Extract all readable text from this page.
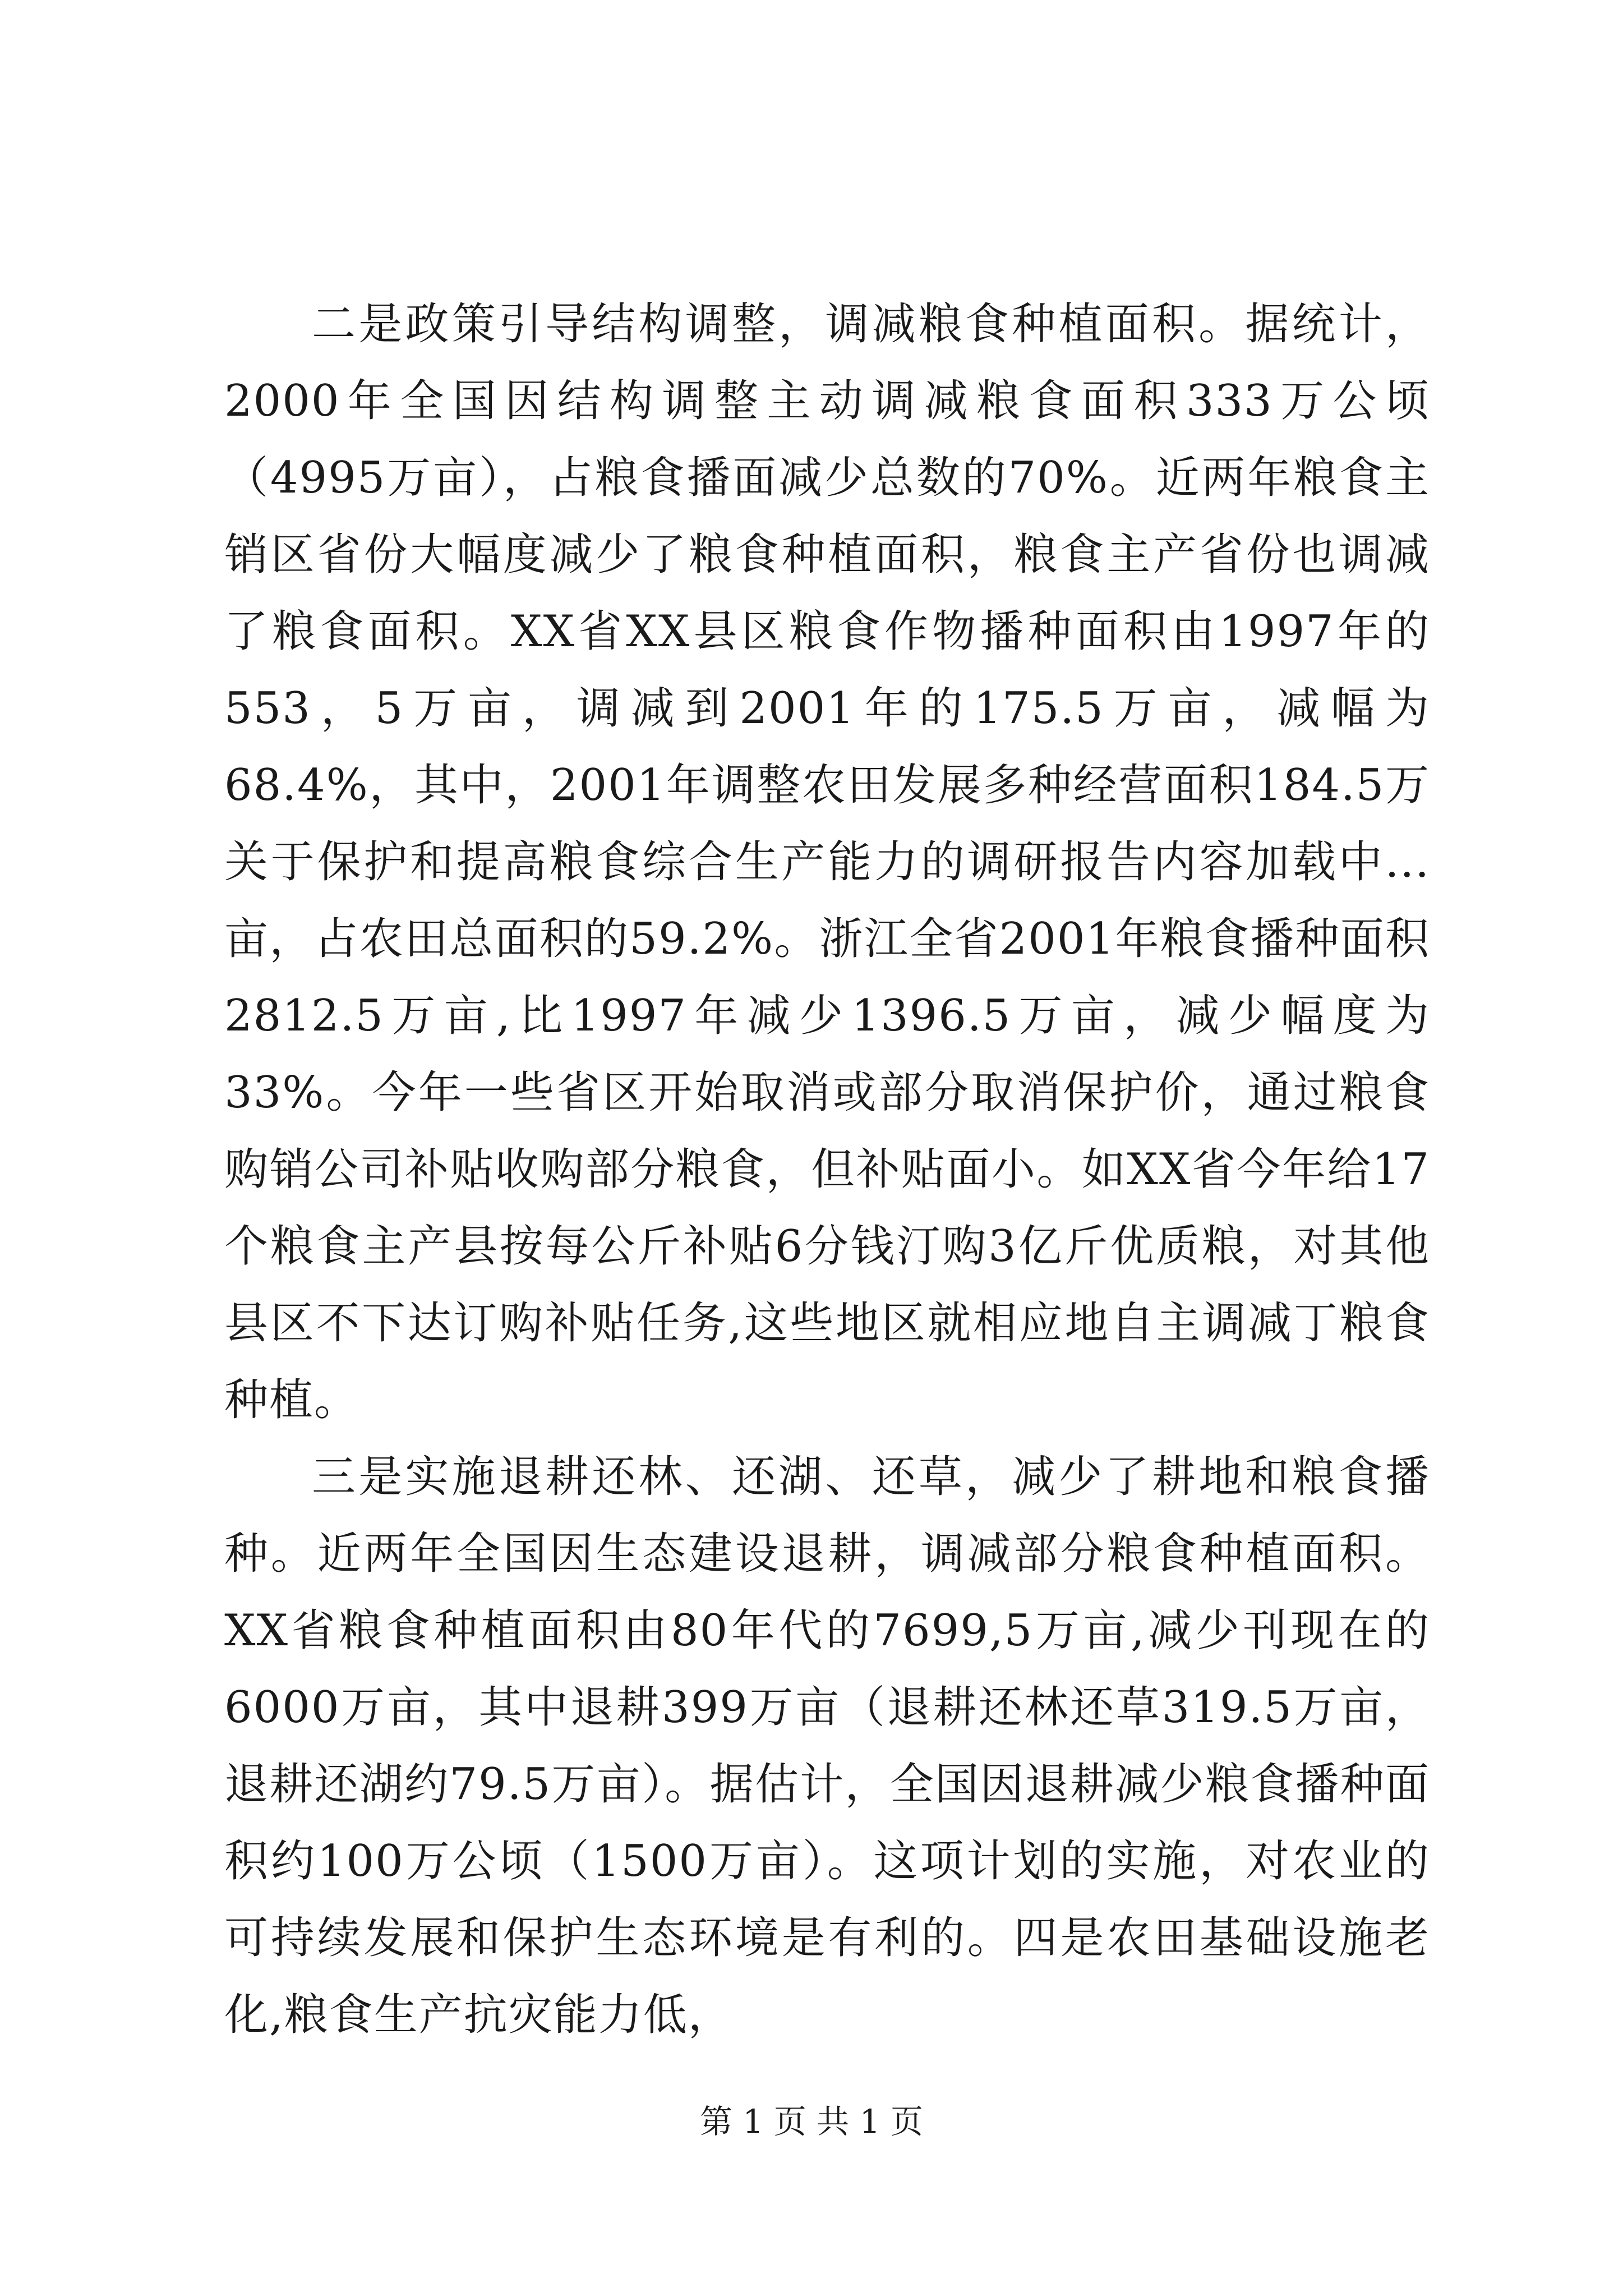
二是政策引导结构调整，调减粮食种植面积。据统计，2000年全国因结构调整主动调减粮食面积333万公顷（4995万亩），占粮食播面减少总数的70%。近两年粮食主销区省份大幅度减少了粮食种植面积，粮食主产省份也调减了粮食面积。XX省XX县区粮食作物播种面积由1997年的553，5万亩，调减到2001年的175.5万亩，减幅为68.4%，其中，2001年调整农田发展多种经营面积184.5万关于保护和提高粮食综合生产能力的调研报告内容加载中...亩，占农田总面积的59.2%。浙江全省2001年粮食播种面积2812.5万亩,比1997年减少1396.5万亩，减少幅度为33%。今年一些省区开始取消或部分取消保护价，通过粮食购销公司补贴收购部分粮食，但补贴面小。如XX省今年给17个粮食主产县按每公斤补贴6分钱汀购3亿斤优质粮，对其他县区不下达订购补贴任务,这些地区就相应地自主调减丁粮食种植。

三是实施退耕还林、还湖、还草，减少了耕地和粮食播种。近两年全国因生态建设退耕，调减部分粮食种植面积。XX省粮食种植面积由80年代的7699,5万亩,减少刊现在的6000万亩，其中退耕399万亩（退耕还林还草319.5万亩，退耕还湖约79.5万亩）。据估计，全国因退耕减少粮食播种面积约100万公顷（1500万亩）。这项计划的实施，对农业的可持续发展和保护生态环境是有利的。四是农田基础设施老化,粮食生产抗灾能力低，

第 1 页 共 1 页
